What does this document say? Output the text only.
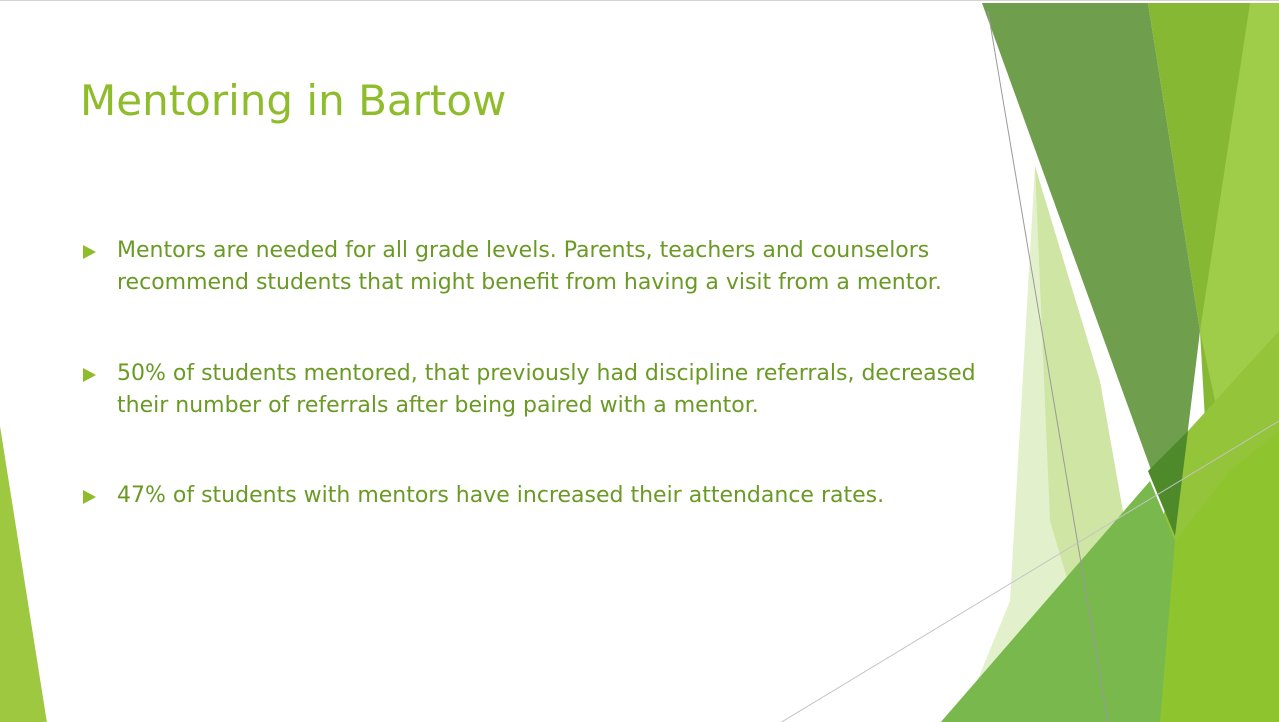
Mentoring in Bartow
Mentors are needed for all grade levels. Parents, teachers and counselors recommend students that might benefit from having a visit from a mentor.
50% of students mentored, that previously had discipline referrals, decreased their number of referrals after being paired with a mentor.
47% of students with mentors have increased their attendance rates.
